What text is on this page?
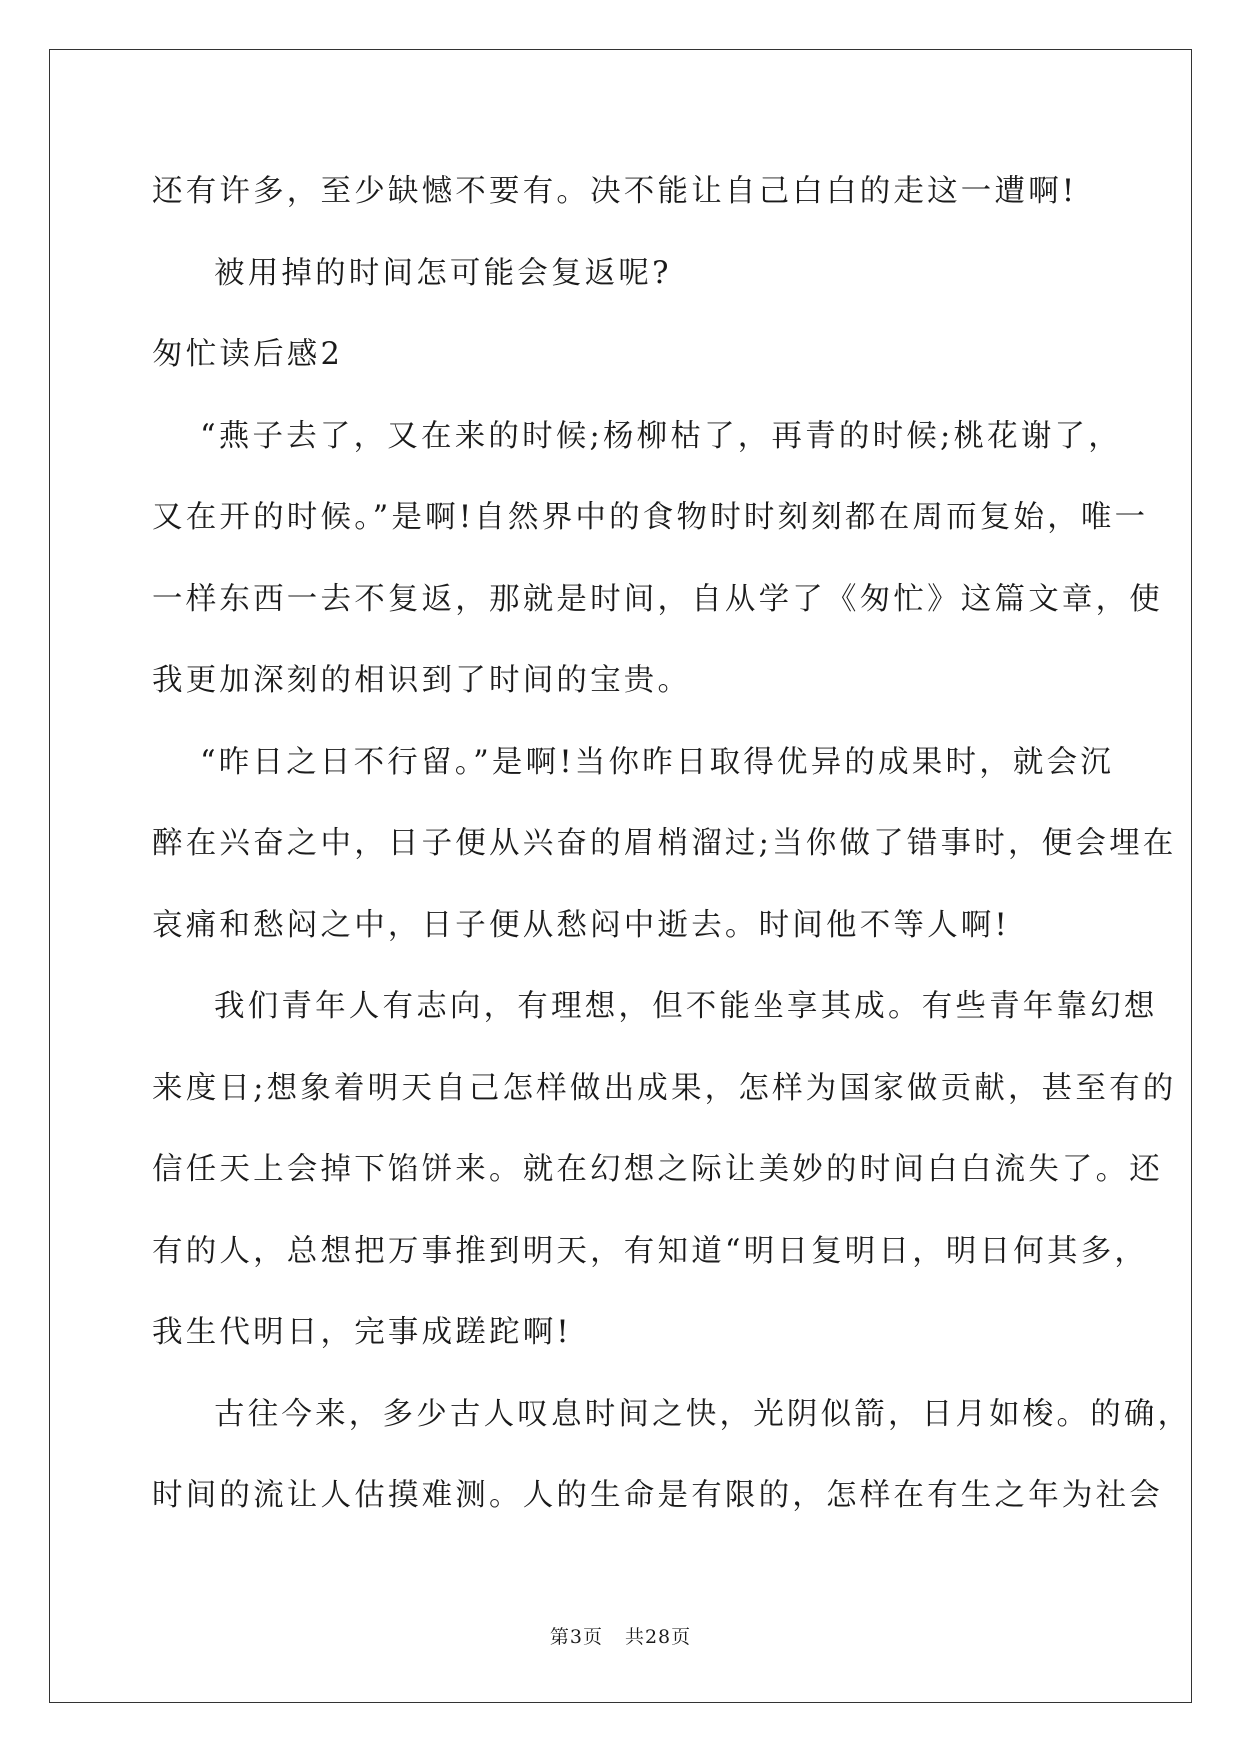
还有许多，至少缺憾不要有。决不能让自己白白的走这一遭啊!
被用掉的时间怎可能会复返呢?
匆忙读后感2
“燕子去了，又在来的时候;杨柳枯了，再青的时候;桃花谢了，
又在开的时候。”是啊!自然界中的食物时时刻刻都在周而复始，唯一
一样东西一去不复返，那就是时间，自从学了《匆忙》这篇文章，使
我更加深刻的相识到了时间的宝贵。
“昨日之日不行留。”是啊!当你昨日取得优异的成果时，就会沉
醉在兴奋之中，日子便从兴奋的眉梢溜过;当你做了错事时，便会埋在
哀痛和愁闷之中，日子便从愁闷中逝去。时间他不等人啊!
我们青年人有志向，有理想，但不能坐享其成。有些青年靠幻想
来度日;想象着明天自己怎样做出成果，怎样为国家做贡献，甚至有的
信任天上会掉下馅饼来。就在幻想之际让美妙的时间白白流失了。还
有的人，总想把万事推到明天，有知道“明日复明日，明日何其多，
我生代明日，完事成蹉跎啊!
古往今来，多少古人叹息时间之快，光阴似箭，日月如梭。的确，
时间的流让人估摸难测。人的生命是有限的，怎样在有生之年为社会
第3页 共28页
